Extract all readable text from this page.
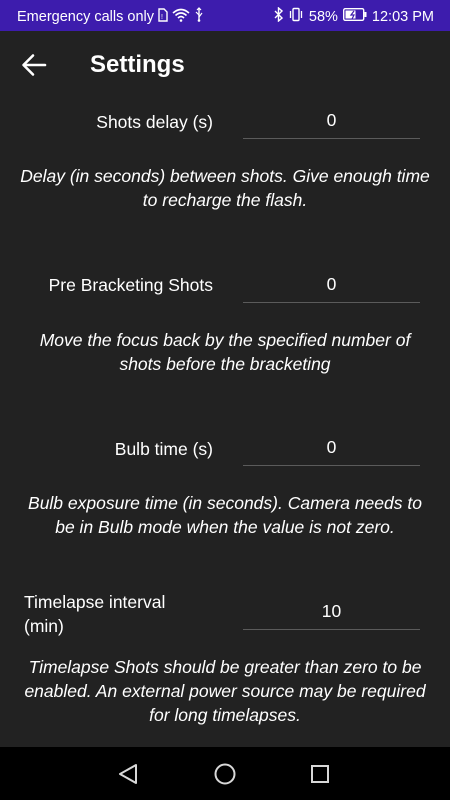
Emergency calls only !	58% 12:03 PM
Settings
Shots delay (s)
0
Delay (in seconds) between shots. Give enough time to recharge the flash.
Pre Bracketing Shots
0
Move the focus back by the specified number of shots before the bracketing
Bulb time (s)
0
Bulb exposure time (in seconds). Camera needs to be in Bulb mode when the value is not zero.
Timelapse interval (min)
10
Timelapse Shots should be greater than zero to be enabled. An external power source may be required for long timelapses.
